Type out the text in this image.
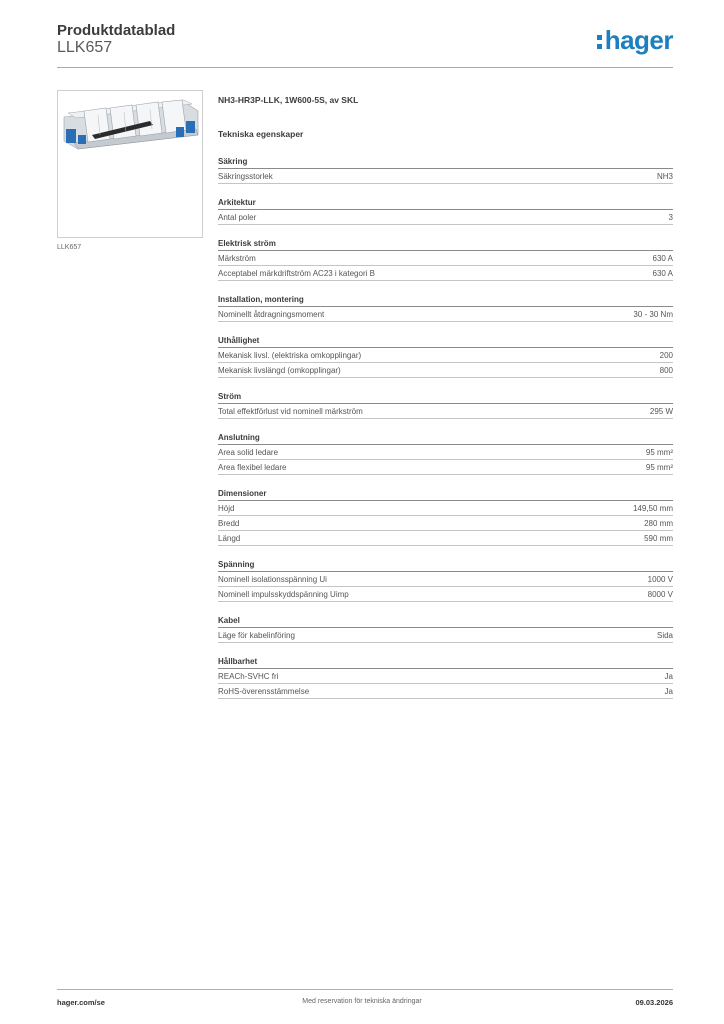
Produktdatablad
LLK657	hager
LLK657
NH3-HR3P-LLK, 1W600-5S, av SKL
Tekniska egenskaper
Säkring
Säkringsstorlek	NH3
Arkitektur
Antal poler	3
Elektrisk ström
Märkström	630 A
Acceptabel märkdriftström AC23 i kategori B	630 A
Installation, montering
Nominellt åtdragningsmoment	30 - 30 Nm
Uthållighet
Mekanisk livsl. (elektriska omkopplingar)	200
Mekanisk livslängd (omkopplingar)	800
Ström
Total effektförlust vid nominell märkström	295 W
Anslutning
Area solid ledare	95 mm²
Area flexibel ledare	95 mm²
Dimensioner
Höjd	149,50 mm
Bredd	280 mm
Längd	590 mm
Spänning
Nominell isolationsspänning Ui	1000 V
Nominell impulsskyddspänning Uimp	8000 V
Kabel
Läge för kabelinföring	Sida
Hållbarhet
REACh-SVHC fri	Ja
RoHS-överensstämmelse	Ja
hager.com/se	Med reservation för tekniska ändringar	09.03.2026
